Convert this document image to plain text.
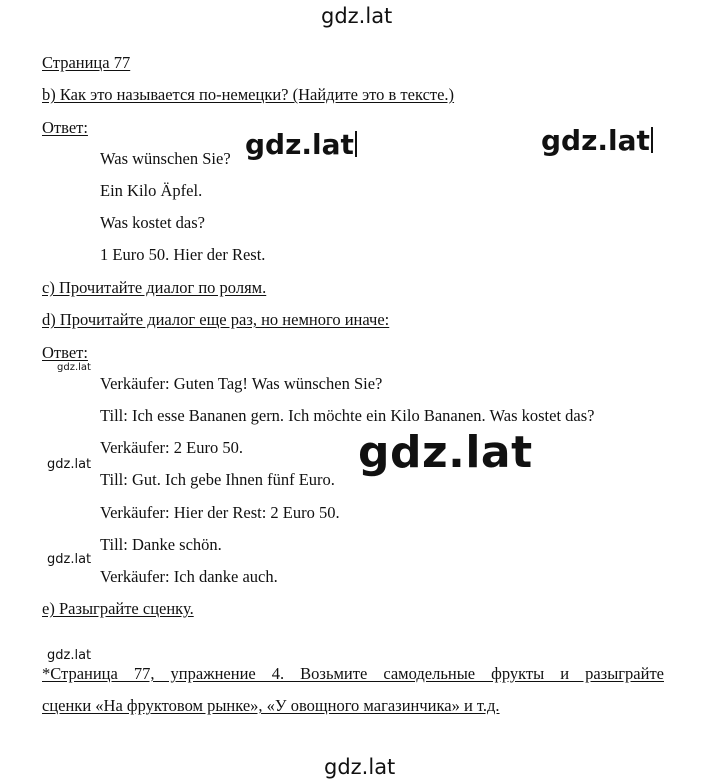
gdz.lat
gdz.lat	gdz.lat
gdz.lat
gdz.lat
gdz.lat
gdz.lat
gdz.lat
gdz.lat
Страница 77
b) Как это называется по-немецки? (Найдите это в тексте.)
Ответ:
Was wünschen Sie?
Ein Kilo Äpfel.
Was kostet das?
1 Euro 50. Hier der Rest.
c) Прочитайте диалог по ролям.
d) Прочитайте диалог еще раз, но немного иначе:
Ответ:
Verkäufer: Guten Tag! Was wünschen Sie?
Till: Ich esse Bananen gern. Ich möchte ein Kilo Bananen. Was kostet das?
Verkäufer: 2 Euro 50.
Till: Gut. Ich gebe Ihnen fünf Euro.
Verkäufer: Hier der Rest: 2 Euro 50.
Till: Danke schön.
Verkäufer: Ich danke auch.
e) Разыграйте сценку.
*Страница 77, упражнение 4. Возьмите самодельные фрукты и разыграйте
сценки «На фруктовом рынке», «У овощного магазинчика» и т.д.
